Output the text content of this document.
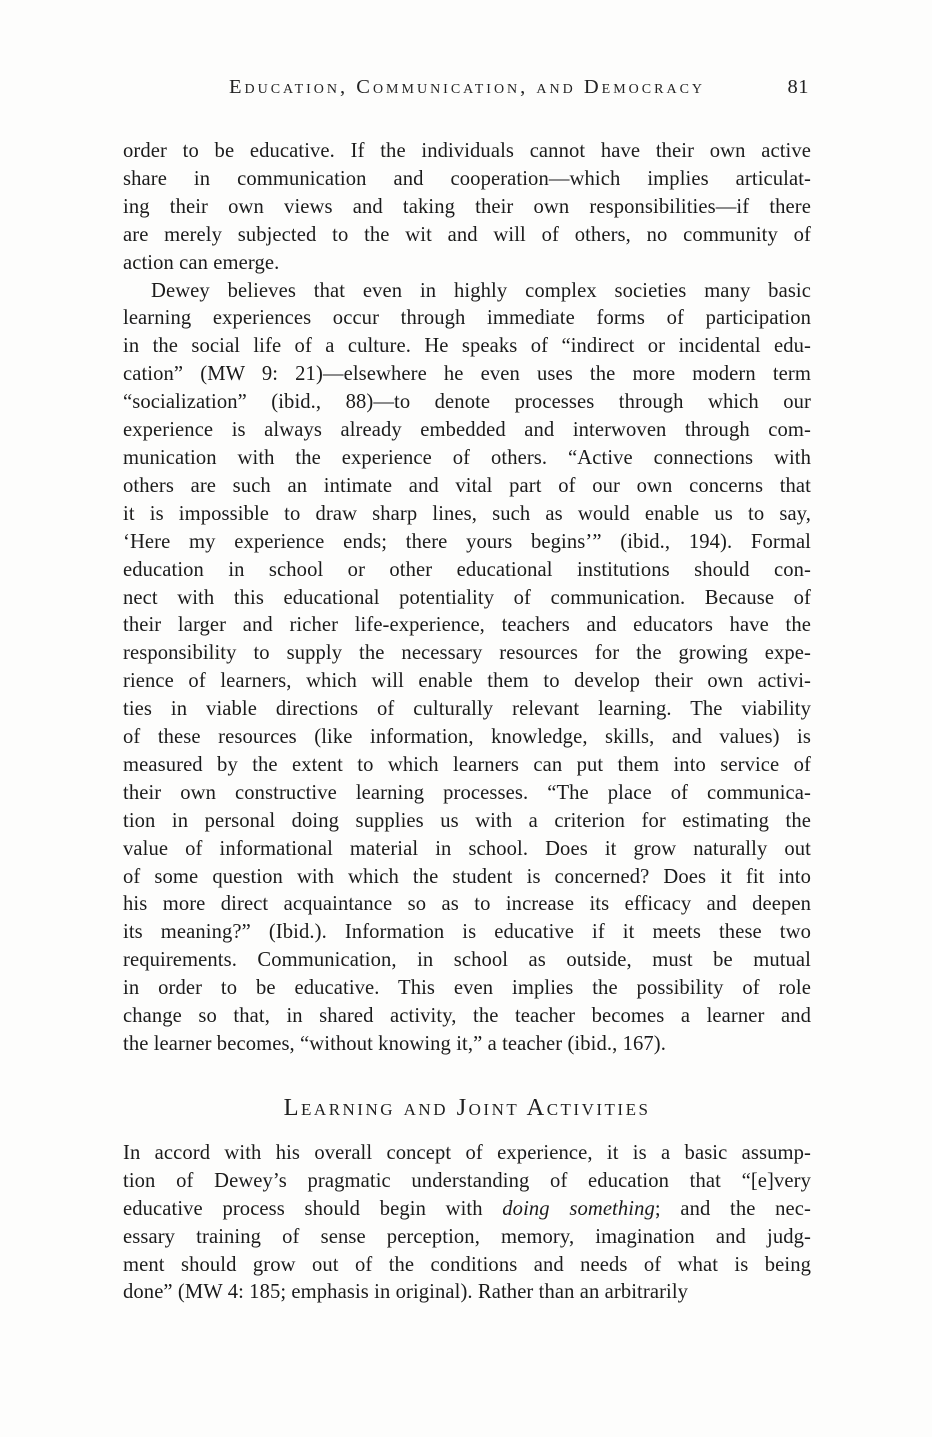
Education, Communication, and Democracy	81
order to be educative. If the individuals cannot have their own active
share in communication and cooperation—which implies articulat-
ing their own views and taking their own responsibilities—if there
are merely subjected to the wit and will of others, no community of
action can emerge.
Dewey believes that even in highly complex societies many basic
learning experiences occur through immediate forms of participation
in the social life of a culture. He speaks of “indirect or incidental edu-
cation” (MW 9: 21)—elsewhere he even uses the more modern term
“socialization” (ibid., 88)—to denote processes through which our
experience is always already embedded and interwoven through com-
munication with the experience of others. “Active connections with
others are such an intimate and vital part of our own concerns that
it is impossible to draw sharp lines, such as would enable us to say,
‘Here my experience ends; there yours begins’” (ibid., 194). Formal
education in school or other educational institutions should con-
nect with this educational potentiality of communication. Because of
their larger and richer life-experience, teachers and educators have the
responsibility to supply the necessary resources for the growing expe-
rience of learners, which will enable them to develop their own activi-
ties in viable directions of culturally relevant learning. The viability
of these resources (like information, knowledge, skills, and values) is
measured by the extent to which learners can put them into service of
their own constructive learning processes. “The place of communica-
tion in personal doing supplies us with a criterion for estimating the
value of informational material in school. Does it grow naturally out
of some question with which the student is concerned? Does it fit into
his more direct acquaintance so as to increase its efficacy and deepen
its meaning?” (Ibid.). Information is educative if it meets these two
requirements. Communication, in school as outside, must be mutual
in order to be educative. This even implies the possibility of role
change so that, in shared activity, the teacher becomes a learner and
the learner becomes, “without knowing it,” a teacher (ibid., 167).
Learning and Joint Activities
In accord with his overall concept of experience, it is a basic assump-
tion of Dewey’s pragmatic understanding of education that “[e]very
educative process should begin with doing something; and the nec-
essary training of sense perception, memory, imagination and judg-
ment should grow out of the conditions and needs of what is being
done” (MW 4: 185; emphasis in original). Rather than an arbitrarily
